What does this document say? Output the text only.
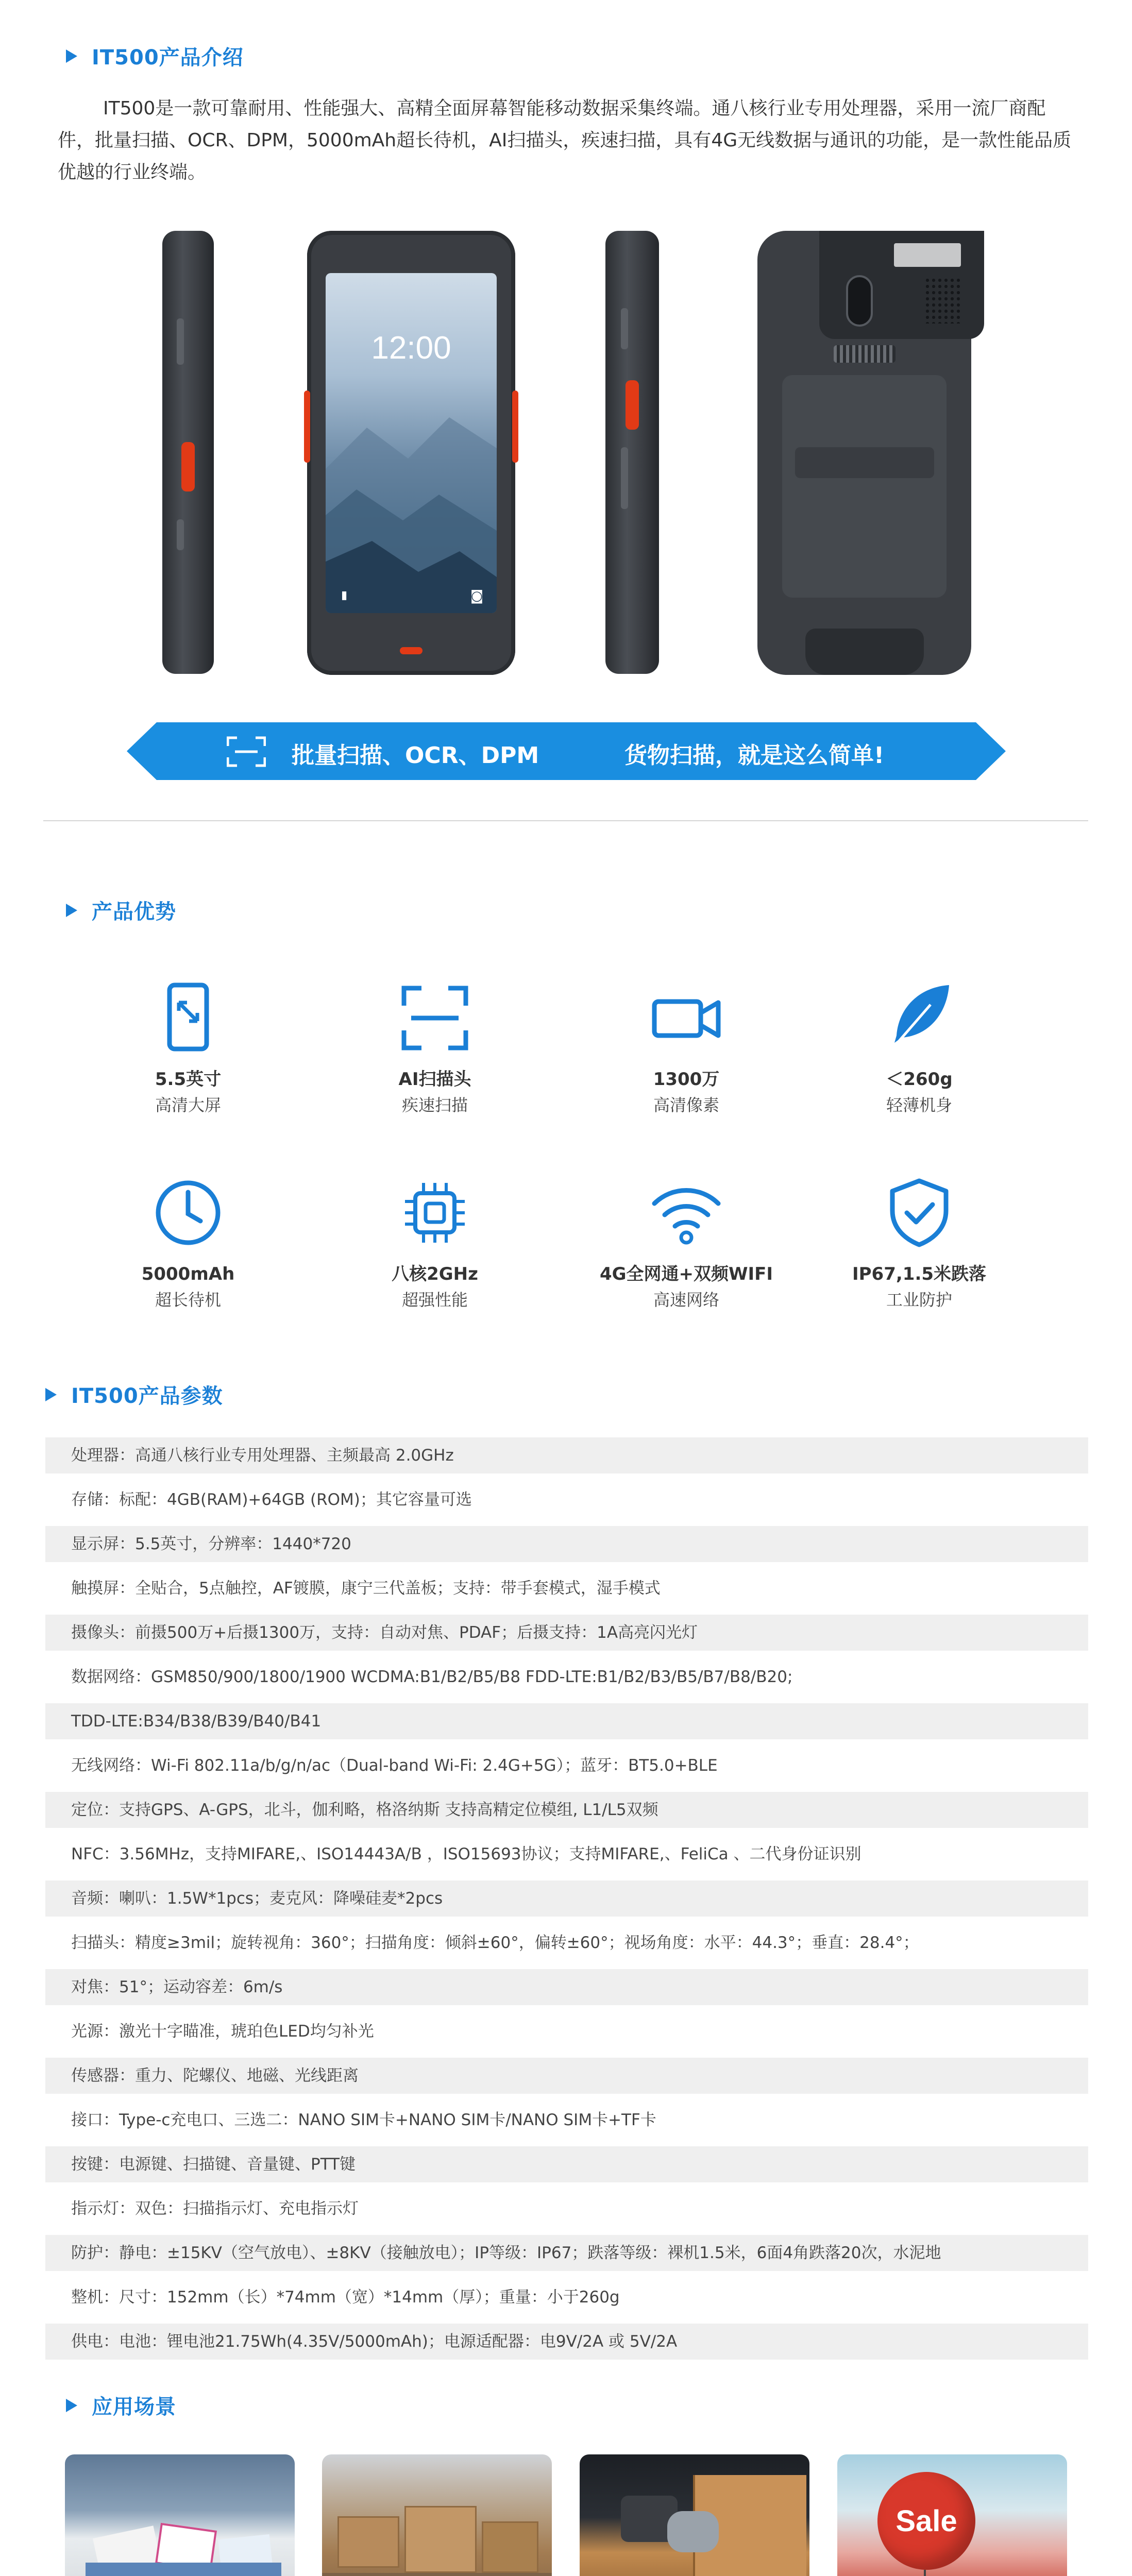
IT500产品介绍

IT500是一款可靠耐用、性能强大、高精全面屏幕智能移动数据采集终端。通八核行业专用处理器，采用一流厂商配件，批量扫描、OCR、DPM，5000mAh超长待机，AI扫描头，疾速扫描，具有4G无线数据与通讯的功能，是一款性能品质优越的行业终端。

12:00
▮	◙
批量扫描、OCR、DPM	货物扫描，就是这么简单!
产品优势
5.5英寸
高清大屏
AI扫描头
疾速扫描
1300万
高清像素
＜260g
轻薄机身
5000mAh
超长待机
八核2GHz
超强性能
4G全网通+双频WIFI
高速网络
IP67,1.5米跌落
工业防护
IT500产品参数
处理器：高通八核行业专用处理器、主频最高 2.0GHz
存储：标配：4GB(RAM)+64GB (ROM)；其它容量可选
显示屏：5.5英寸，分辨率：1440*720
触摸屏：全贴合，5点触控，AF镀膜，康宁三代盖板；支持：带手套模式，湿手模式
摄像头：前摄500万+后摄1300万，支持：自动对焦、PDAF；后摄支持：1A高亮闪光灯
数据网络：GSM850/900/1800/1900 WCDMA:B1/B2/B5/B8 FDD-LTE:B1/B2/B3/B5/B7/B8/B20;
TDD-LTE:B34/B38/B39/B40/B41
无线网络：Wi-Fi 802.11a/b/g/n/ac（Dual-band Wi-Fi: 2.4G+5G）；蓝牙：BT5.0+BLE
定位：支持GPS、A-GPS，北斗，伽利略，格洛纳斯 支持高精定位模组, L1/L5双频
NFC：3.56MHz，支持MIFARE,、ISO14443A/B ，ISO15693协议；支持MIFARE,、FeliCa 、二代身份证识别
音频：喇叭：1.5W*1pcs；麦克风：降噪硅麦*2pcs
扫描头：精度≥3mil；旋转视角：360°；扫描角度：倾斜±60°，偏转±60°；视场角度：水平：44.3°；垂直：28.4°；
对焦：51°；运动容差：6m/s
光源：激光十字瞄准，琥珀色LED均匀补光
传感器：重力、陀螺仪、地磁、光线距离
接口：Type-c充电口、三选二：NANO SIM卡+NANO SIM卡/NANO SIM卡+TF卡
按键：电源键、扫描键、音量键、PTT键
指示灯：双色：扫描指示灯、充电指示灯
防护：静电：±15KV（空气放电）、±8KV（接触放电）；IP等级：IP67；跌落等级：裸机1.5米，6面4角跌落20次，水泥地
整机：尺寸：152mm（长）*74mm（宽）*14mm（厚）；重量：小于260g
供电：电池：锂电池21.75Wh(4.35V/5000mAh)；电源适配器：电9V/2A 或 5V/2A
应用场景
Sale
